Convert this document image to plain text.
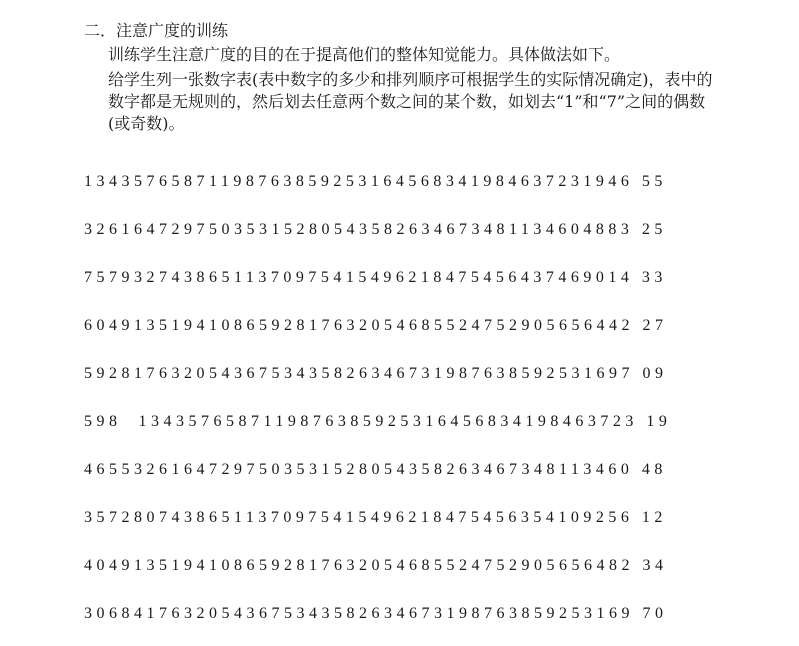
二．注意广度的训练
训练学生注意广度的目的在于提高他们的整体知觉能力。具体做法如下。
给学生列一张数字表(表中数字的多少和排列顺序可根据学生的实际情况确定)，表中的数字都是无规则的，然后划去任意两个数之间的某个数，如划去“1”和“7”之间的偶数(或奇数)。
13435765871198763859253164568341984637231946 55
32616472975035315280543582634673481134604883 25
75793274386511370975415496218475456437469014 33
60491351941086592817632054685524752905656442 27
59281763205436753435826346731987638592531697 09
598  1343576587119876385925316456834198463723 19
46553261647297503531528054358263467348113460 48
35728074386511370975415496218475456354109256 12
40491351941086592817632054685524752905656482 34
30684176320543675343582634673198763859253169 70
